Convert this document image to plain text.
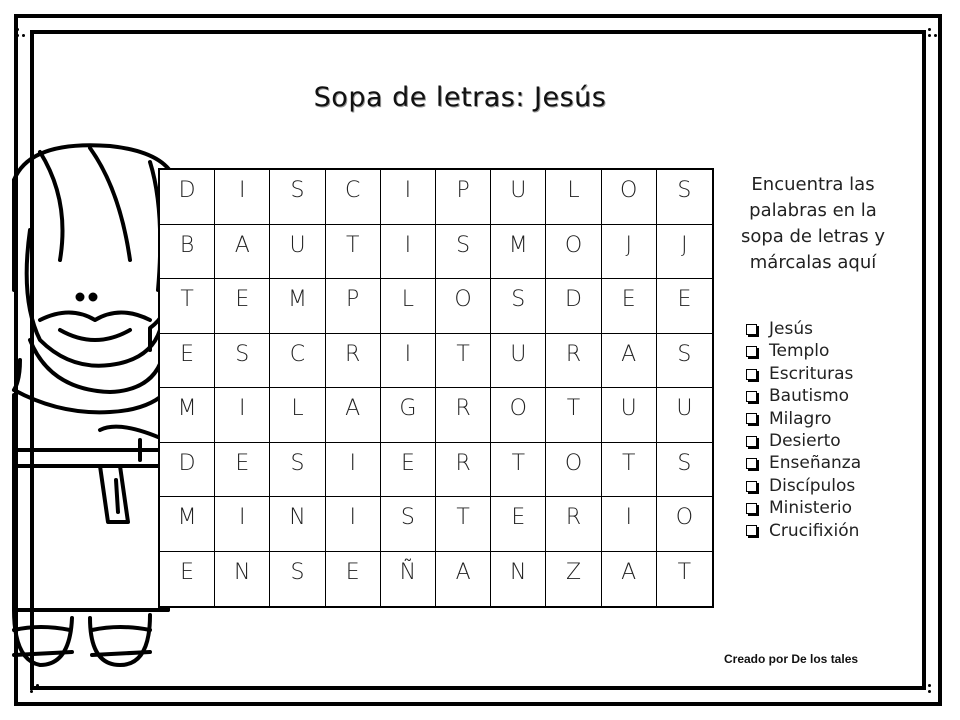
Sopa de letras: Jesús
D	I	S	C	I	P	U	L	O	S
B	A	U	T	I	S	M	O	J	J
T	E	M	P	L	O	S	D	E	E
E	S	C	R	I	T	U	R	A	S
M	I	L	A	G	R	O	T	U	U
D	E	S	I	E	R	T	O	T	S
M	I	N	I	S	T	E	R	I	O
E	N	S	E	Ñ	A	N	Z	A	T
Encuentra las
palabras en la
sopa de letras y
márcalas aquí
Jesús
Templo
Escrituras
Bautismo
Milagro
Desierto
Enseñanza
Discípulos
Ministerio
Crucifixión
Creado por De los tales
